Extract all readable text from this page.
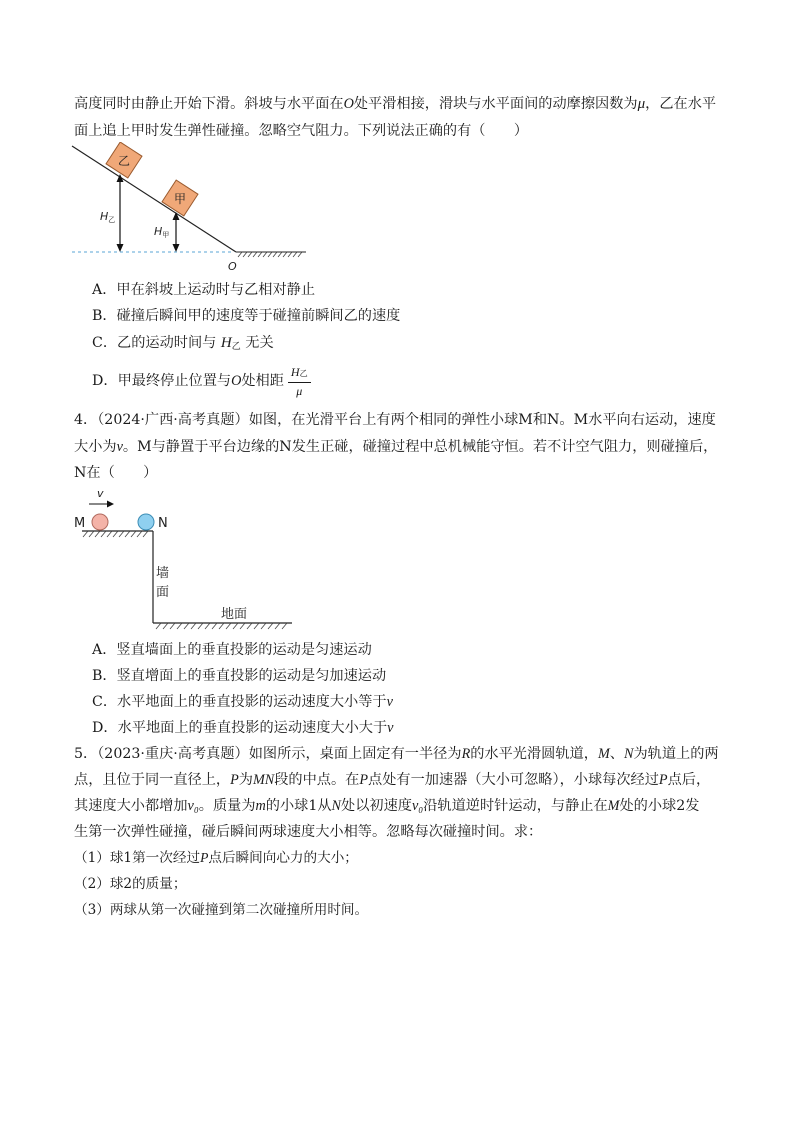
高度同时由静止开始下滑。斜坡与水平面在O处平滑相接，滑块与水平面间的动摩擦因数为μ，乙在水平
面上追上甲时发生弹性碰撞。忽略空气阻力。下列说法正确的有（　　）
乙
甲
H乙
H甲
O
A．甲在斜坡上运动时与乙相对静止
B．碰撞后瞬间甲的速度等于碰撞前瞬间乙的速度
C．乙的运动时间与 H乙 无关
D．甲最终停止位置与O处相距 $\frac{\text{H乙}}{\mu}$
4．（2024·广西·高考真题）如图，在光滑平台上有两个相同的弹性小球M和N。M水平向右运动，速度
大小为v。M与静置于平台边缘的N发生正碰，碰撞过程中总机械能守恒。若不计空气阻力，则碰撞后，
N在（　　）
v
M	N
墙
面
地面
A．竖直墙面上的垂直投影的运动是匀速运动
B．竖直增面上的垂直投影的运动是匀加速运动
C．水平地面上的垂直投影的运动速度大小等于v
D．水平地面上的垂直投影的运动速度大小大于v
5．（2023·重庆·高考真题）如图所示，桌面上固定有一半径为R的水平光滑圆轨道，M、N为轨道上的两
点，且位于同一直径上，P为MN段的中点。在P点处有一加速器（大小可忽略），小球每次经过P点后，
其速度大小都增加v₀。质量为m的小球1从N处以初速度v₀沿轨道逆时针运动，与静止在M处的小球2发
生第一次弹性碰撞，碰后瞬间两球速度大小相等。忽略每次碰撞时间。求：
（1）球1第一次经过P点后瞬间向心力的大小；
（2）球2的质量；
（3）两球从第一次碰撞到第二次碰撞所用时间。
